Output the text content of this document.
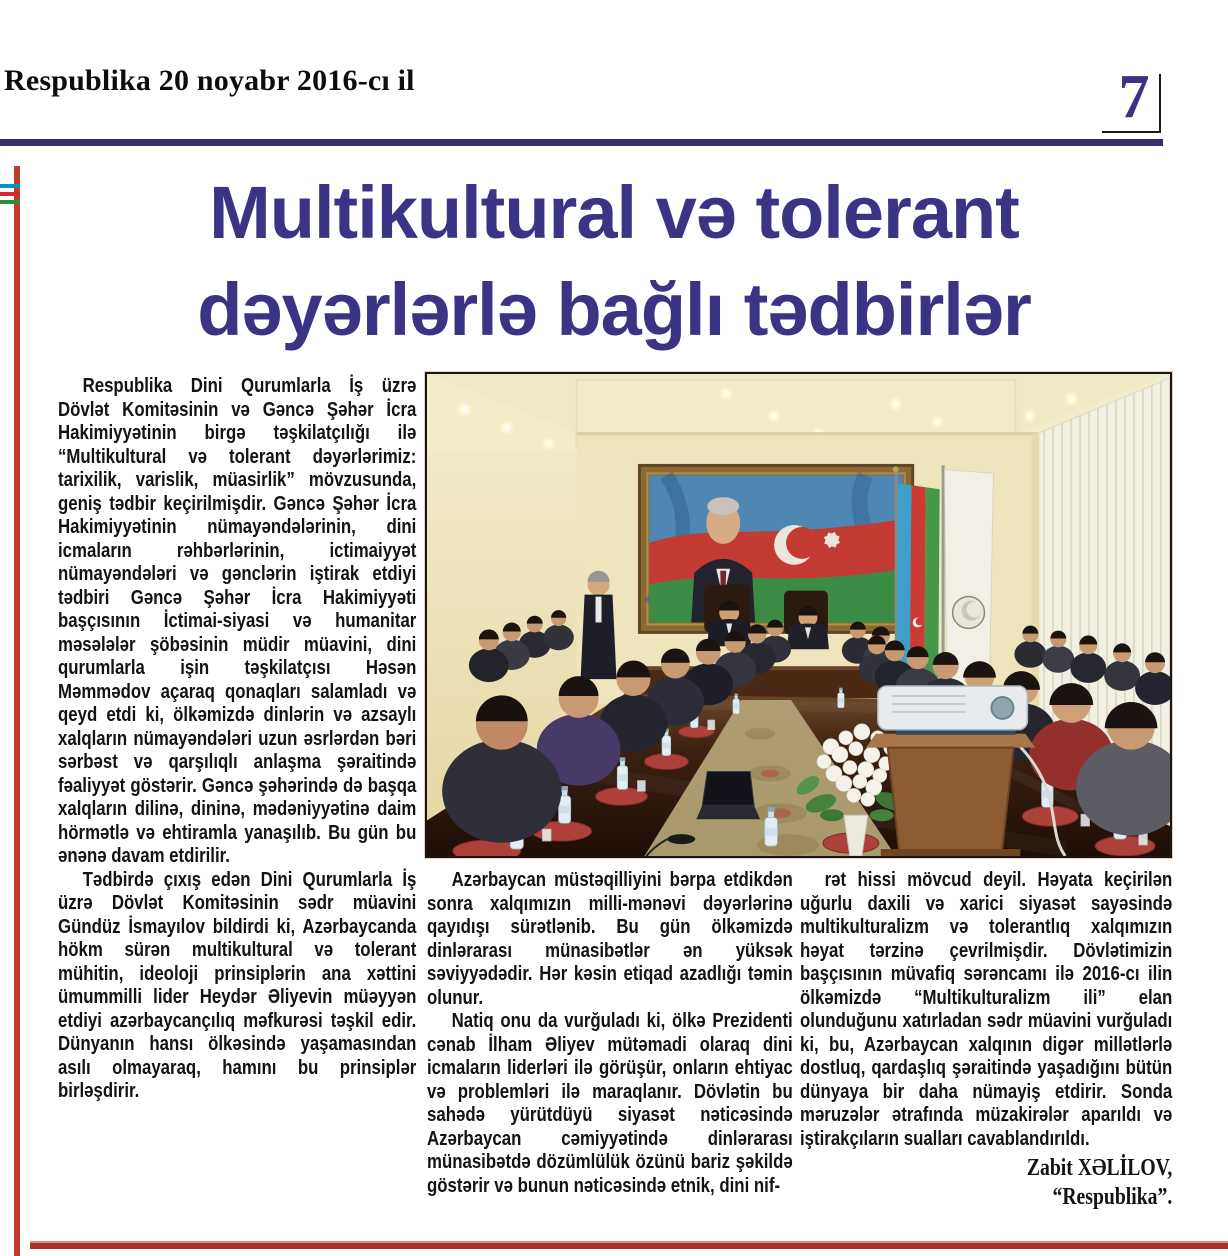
Respublika 20 noyabr 2016-cı il	7
Multikultural və tolerant
dəyərlərlə bağlı tədbirlər

Respublika Dini Qurumlarla İş üzrə Dövlət Komitəsinin və Gəncə Şəhər İcra Hakimiyyətinin birgə təşkilatçılığı ilə “Multikultural və tolerant dəyərlərimiz: tarixilik, varislik, müasirlik” mövzusunda, geniş tədbir keçirilmişdir. Gəncə Şəhər İcra Hakimiyyətinin nümayəndələrinin, dini icmaların rəhbərlərinin, ictimaiyyət nümayəndələri və gənclərin iştirak etdiyi tədbiri Gəncə Şəhər İcra Hakimiyyəti başçısının İctimai-siyasi və humanitar məsələlər şöbəsinin müdir müavini, dini qurumlarla işin təşkilatçısı Həsən Məmmədov açaraq qonaqları salamladı və qeyd etdi ki, ölkəmizdə dinlərin və azsaylı xalqların nümayəndələri uzun əsrlərdən bəri sərbəst və qarşılıqlı anlaşma şəraitində fəaliyyət göstərir. Gəncə şəhərində də başqa xalqların dilinə, dininə, mədəniyyətinə daim hörmətlə və ehtiramla yanaşılıb. Bu gün bu ənənə davam etdirilir.

Tədbirdə çıxış edən Dini Qurumlarla İş üzrə Dövlət Komitəsinin sədr müavini Gündüz İsmayılov bildirdi ki, Azərbaycanda hökm sürən multikultural və tolerant mühitin, ideoloji prinsiplərin ana xəttini ümummilli lider Heydər Əliyevin müəyyən etdiyi azərbaycançılıq məfkurəsi təşkil edir. Dünyanın hansı ölkəsində yaşamasından asılı olmayaraq, hamını bu prinsiplər birləşdirir.

Azərbaycan müstəqilliyini bərpa etdikdən sonra xalqımızın milli-mənəvi dəyərlərinə qayıdışı sürətlənib. Bu gün ölkəmizdə dinlərarası münasibətlər ən yüksək səviyyədədir. Hər kəsin etiqad azadlığı təmin olunur.

Natiq onu da vurğuladı ki, ölkə Prezidenti cənab İlham Əliyev mütəmadi olaraq dini icmaların liderləri ilə görüşür, onların ehtiyac və problemləri ilə maraqlanır. Dövlətin bu sahədə yürütdüyü siyasət nəticəsində Azərbaycan cəmiyyətində dinlərarası münasibətdə dözümlülük özünü bariz şəkildə göstərir və bunun nəticəsində etnik, dini nif-

rət hissi mövcud deyil. Həyata keçirilən uğurlu daxili və xarici siyasət sayəsində multikulturalizm və tolerantlıq xalqımızın həyat tərzinə çevrilmişdir. Dövlətimizin başçısının müvafiq sərəncamı ilə 2016-cı ilin ölkəmizdə “Multikulturalizm ili” elan olunduğunu xatırladan sədr müavini vurğuladı ki, bu, Azərbaycan xalqının digər millətlərlə dostluq, qardaşlıq şəraitində yaşadığını bütün dünyaya bir daha nümayiş etdirir. Sonda məruzələr ətrafında müzakirələr aparıldı və iştirakçıların sualları cavablandırıldı.

Zabit XƏLİLOV,
“Respublika”.
